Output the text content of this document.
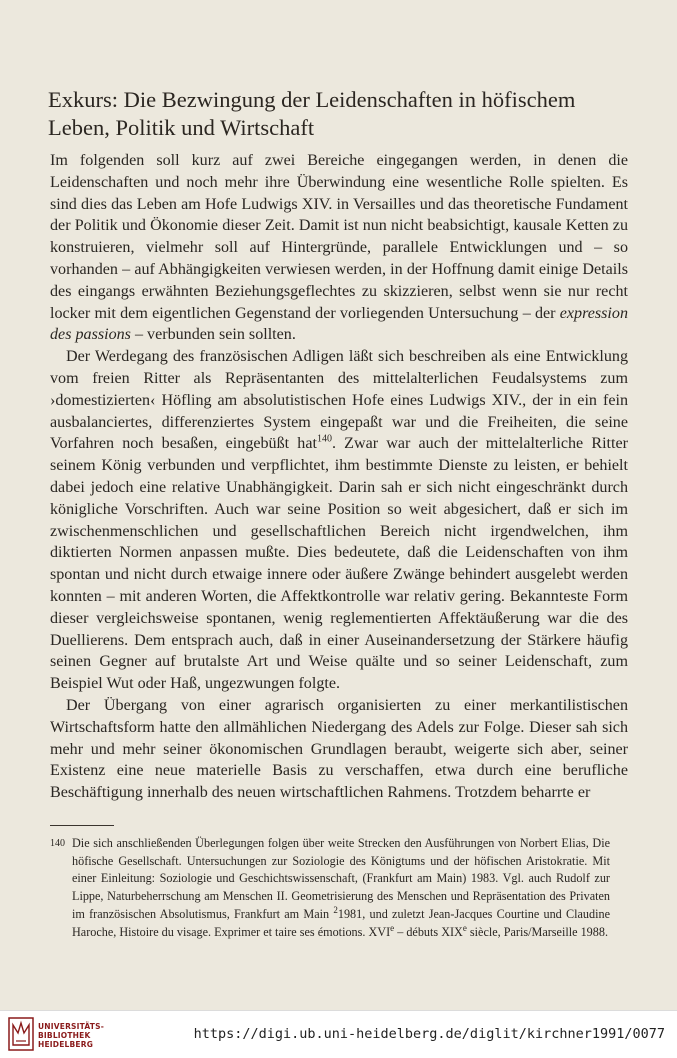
Exkurs: Die Bezwingung der Leidenschaften in höfischem Leben, Politik und Wirtschaft

Im folgenden soll kurz auf zwei Bereiche eingegangen werden, in denen die Leidenschaften und noch mehr ihre Überwindung eine wesentliche Rolle spielten. Es sind dies das Leben am Hofe Ludwigs XIV. in Versailles und das theoretische Fundament der Politik und Ökonomie dieser Zeit. Damit ist nun nicht beabsichtigt, kausale Ketten zu konstruieren, vielmehr soll auf Hintergründe, parallele Entwicklungen und – so vorhanden – auf Abhängigkeiten verwiesen werden, in der Hoffnung damit einige Details des eingangs erwähnten Beziehungsgeflechtes zu skizzieren, selbst wenn sie nur recht locker mit dem eigentlichen Gegenstand der vorliegenden Untersuchung – der expression des passions – verbunden sein sollten.

Der Werdegang des französischen Adligen läßt sich beschreiben als eine Entwicklung vom freien Ritter als Repräsentanten des mittelalterlichen Feudalsystems zum ›domestizierten‹ Höfling am absolutistischen Hofe eines Ludwigs XIV., der in ein fein ausbalanciertes, differenziertes System eingepaßt war und die Freiheiten, die seine Vorfahren noch besaßen, eingebüßt hat$^{140}$. Zwar war auch der mittelalterliche Ritter seinem König verbunden und verpflichtet, ihm bestimmte Dienste zu leisten, er behielt dabei jedoch eine relative Unabhängigkeit. Darin sah er sich nicht eingeschränkt durch königliche Vorschriften. Auch war seine Position so weit abgesichert, daß er sich im zwischenmenschlichen und gesellschaftlichen Bereich nicht irgendwelchen, ihm diktierten Normen anpassen mußte. Dies bedeutete, daß die Leidenschaften von ihm spontan und nicht durch etwaige innere oder äußere Zwänge behindert ausgelebt werden konnten – mit anderen Worten, die Affektkontrolle war relativ gering. Bekannteste Form dieser vergleichsweise spontanen, wenig reglementierten Affektäußerung war die des Duellierens. Dem entsprach auch, daß in einer Auseinandersetzung der Stärkere häufig seinen Gegner auf brutalste Art und Weise quälte und so seiner Leidenschaft, zum Beispiel Wut oder Haß, ungezwungen folgte.

Der Übergang von einer agrarisch organisierten zu einer merkantilistischen Wirtschaftsform hatte den allmählichen Niedergang des Adels zur Folge. Dieser sah sich mehr und mehr seiner ökonomischen Grundlagen beraubt, weigerte sich aber, seiner Existenz eine neue materielle Basis zu verschaffen, etwa durch eine berufliche Beschäftigung innerhalb des neuen wirtschaftlichen Rahmens. Trotzdem beharrte er

140 Die sich anschließenden Überlegungen folgen über weite Strecken den Ausführungen von Norbert Elias, Die höfische Gesellschaft. Untersuchungen zur Soziologie des Königtums und der höfischen Aristokratie. Mit einer Einleitung: Soziologie und Geschichtswissenschaft, (Frankfurt am Main) 1983. Vgl. auch Rudolf zur Lippe, Naturbeherrschung am Menschen II. Geometrisierung des Menschen und Repräsentation des Privaten im französischen Absolutismus, Frankfurt am Main $^2$1981, und zuletzt Jean-Jacques Courtine und Claudine Haroche, Histoire du visage. Exprimer et taire ses émotions. XVIe – débuts XIXe siècle, Paris/Marseille 1988.
UNIVERSITÄTS-
BIBLIOTHEK
HEIDELBERG
https://digi.ub.uni-heidelberg.de/diglit/kirchner1991/0077
